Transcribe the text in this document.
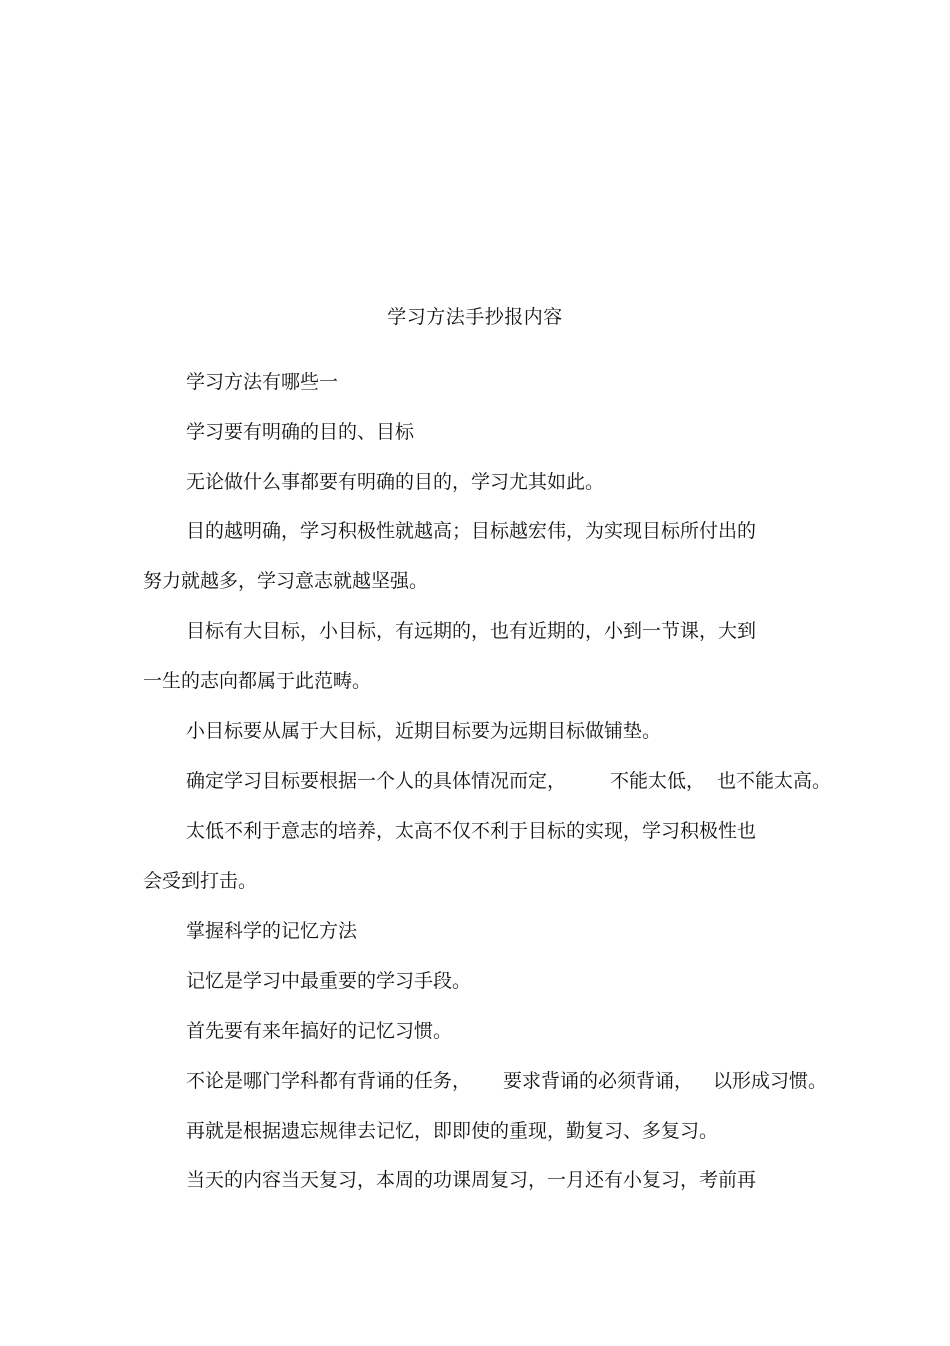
学习方法手抄报内容
学习方法有哪些一
学习要有明确的目的、目标
无论做什么事都要有明确的目的，学习尤其如此。
目的越明确，学习积极性就越高；目标越宏伟，为实现目标所付出的
努力就越多，学习意志就越坚强。
目标有大目标，小目标，有远期的，也有近期的，小到一节课，大到
一生的志向都属于此范畴。
小目标要从属于大目标，近期目标要为远期目标做铺垫。
确定学习目标要根据一个人的具体情况而定， 不能太低， 也不能太高。
太低不利于意志的培养，太高不仅不利于目标的实现，学习积极性也
会受到打击。
掌握科学的记忆方法
记忆是学习中最重要的学习手段。
首先要有来年搞好的记忆习惯。
不论是哪门学科都有背诵的任务， 要求背诵的必须背诵， 以形成习惯。
再就是根据遗忘规律去记忆，即即使的重现，勤复习、多复习。
当天的内容当天复习，本周的功课周复习，一月还有小复习，考前再
